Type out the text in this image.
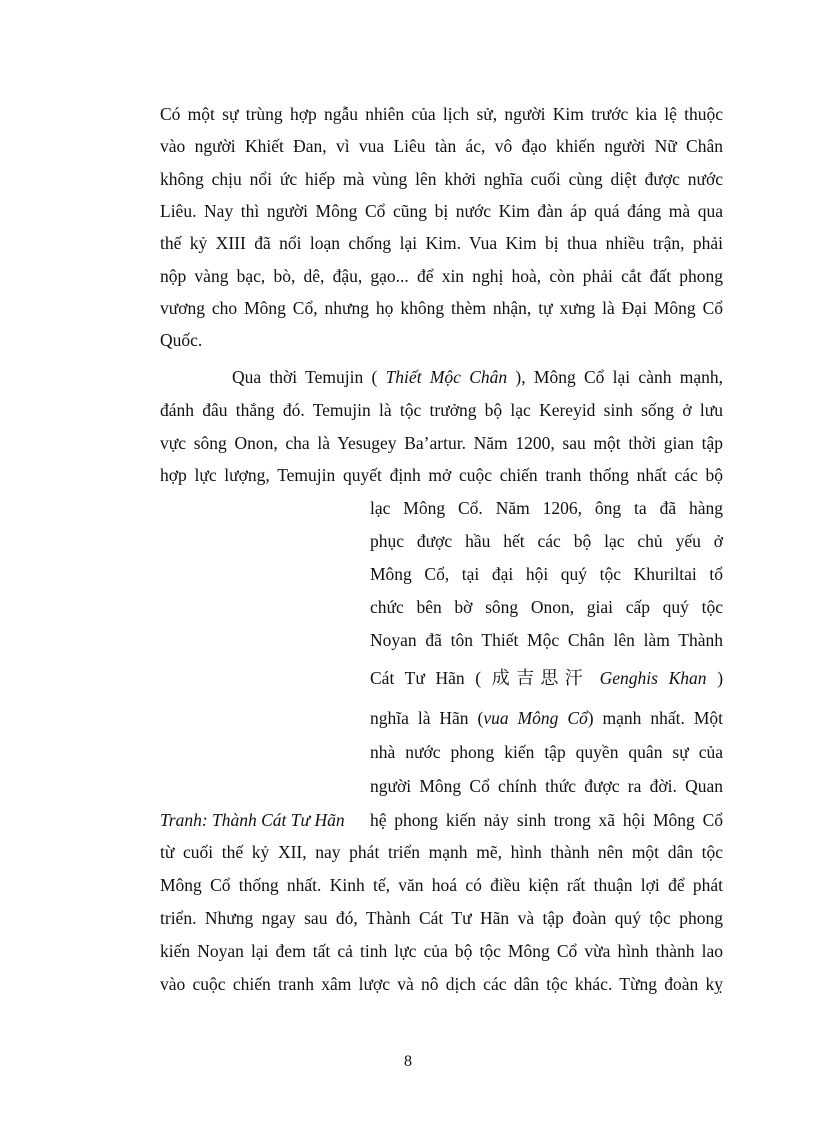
Có một sự trùng hợp ngẫu nhiên của lịch sử, người Kim trước kia lệ thuộc
vào người Khiết Đan, vì vua Liêu tàn ác, vô đạo khiến người Nữ Chân
không chịu nổi ức hiếp mà vùng lên khởi nghĩa cuối cùng diệt được nước
Liêu. Nay thì người Mông Cổ cũng bị nước Kim đàn áp quá đáng mà qua
thế kỷ XIII đã nổi loạn chống lại Kim. Vua Kim bị thua nhiều trận, phải
nộp vàng bạc, bò, dê, đậu, gạo... để xin nghị hoà, còn phải cắt đất phong
vương cho Mông Cổ, nhưng họ không thèm nhận, tự xưng là Đại Mông Cổ
Quốc.
Qua thời Temujin ( Thiết Mộc Chân ), Mông Cổ lại cành mạnh,
đánh đâu thắng đó. Temujin là tộc trưởng bộ lạc Kereyid sinh sống ở lưu
vực sông Onon, cha là Yesugey Ba’artur. Năm 1200, sau một thời gian tập
hợp lực lượng, Temujin quyết định mở cuộc chiến tranh thống nhất các bộ
lạc Mông Cổ. Năm 1206, ông ta đã hàng
phục được hầu hết các bộ lạc chủ yếu ở
Mông Cổ, tại đại hội quý tộc Khuriltai tổ
chức bên bờ sông Onon, giai cấp quý tộc
Noyan đã tôn Thiết Mộc Chân lên làm Thành
Cát Tư Hãn ( 成吉思汗 Genghis Khan )
nghĩa là Hãn (vua Mông Cổ) mạnh nhất. Một
nhà nước phong kiến tập quyền quân sự của
người Mông Cổ chính thức được ra đời. Quan
hệ phong kiến nảy sinh trong xã hội Mông Cổ
Tranh: Thành Cát Tư Hãn
từ cuối thế kỷ XII, nay phát triển mạnh mẽ, hình thành nên một dân tộc
Mông Cổ thống nhất. Kinh tế, văn hoá có điều kiện rất thuận lợi để phát
triển. Nhưng ngay sau đó, Thành Cát Tư Hãn và tập đoàn quý tộc phong
kiến Noyan lại đem tất cả tinh lực của bộ tộc Mông Cổ vừa hình thành lao
vào cuộc chiến tranh xâm lược và nô dịch các dân tộc khác. Từng đoàn kỵ
8
